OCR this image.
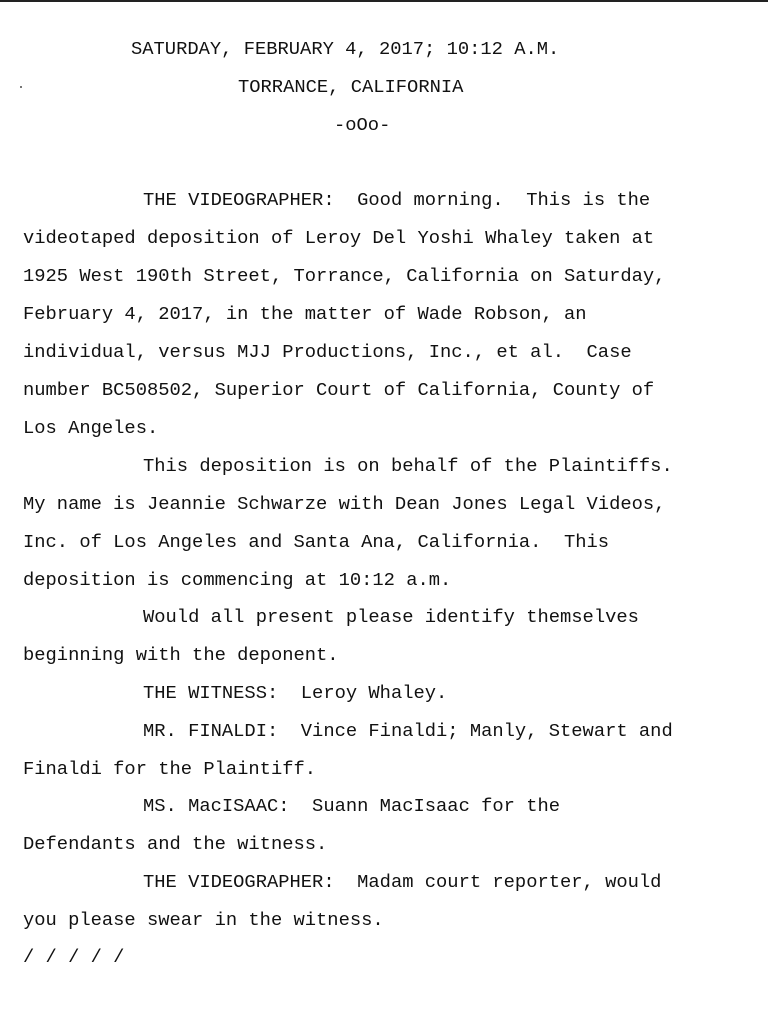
SATURDAY, FEBRUARY 4, 2017; 10:12 A.M.
TORRANCE, CALIFORNIA
-oOo-
THE VIDEOGRAPHER:  Good morning.  This is the
videotaped deposition of Leroy Del Yoshi Whaley taken at
1925 West 190th Street, Torrance, California on Saturday,
February 4, 2017, in the matter of Wade Robson, an
individual, versus MJJ Productions, Inc., et al.  Case
number BC508502, Superior Court of California, County of
Los Angeles.
This deposition is on behalf of the Plaintiffs.
My name is Jeannie Schwarze with Dean Jones Legal Videos,
Inc. of Los Angeles and Santa Ana, California.  This
deposition is commencing at 10:12 a.m.
Would all present please identify themselves
beginning with the deponent.
THE WITNESS:  Leroy Whaley.
MR. FINALDI:  Vince Finaldi; Manly, Stewart and
Finaldi for the Plaintiff.
MS. MacISAAC:  Suann MacIsaac for the
Defendants and the witness.
THE VIDEOGRAPHER:  Madam court reporter, would
you please swear in the witness.
/ / / / /
